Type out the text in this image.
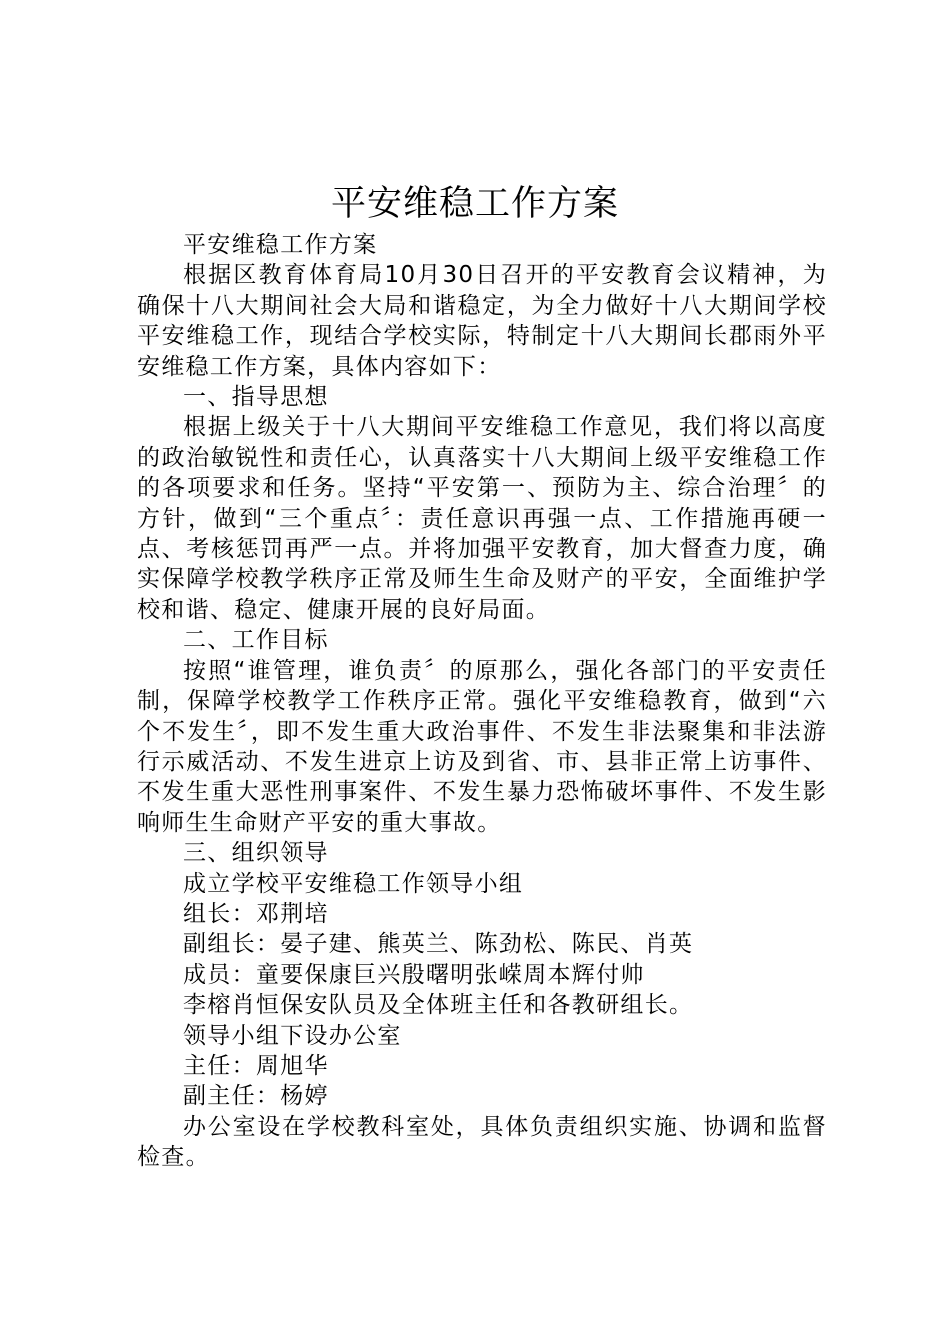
平安维稳工作方案

平安维稳工作方案

根据区教育体育局10月30日召开的平安教育会议精神，为确保十八大期间社会大局和谐稳定，为全力做好十八大期间学校平安维稳工作，现结合学校实际，特制定十八大期间长郡雨外平安维稳工作方案，具体内容如下：

一、指导思想

根据上级关于十八大期间平安维稳工作意见，我们将以高度的政治敏锐性和责任心，认真落实十八大期间上级平安维稳工作的各项要求和任务。坚持“平安第一、预防为主、综合治理〞的方针，做到“三个重点〞：责任意识再强一点、工作措施再硬一点、考核惩罚再严一点。并将加强平安教育，加大督查力度，确实保障学校教学秩序正常及师生生命及财产的平安，全面维护学校和谐、稳定、健康开展的良好局面。

二、工作目标

按照“谁管理，谁负责〞的原那么，强化各部门的平安责任制，保障学校教学工作秩序正常。强化平安维稳教育，做到“六个不发生〞，即不发生重大政治事件、不发生非法聚集和非法游行示威活动、不发生进京上访及到省、市、县非正常上访事件、不发生重大恶性刑事案件、不发生暴力恐怖破坏事件、不发生影响师生生命财产平安的重大事故。

三、组织领导

成立学校平安维稳工作领导小组

组长：邓荆培

副组长：晏子建、熊英兰、陈劲松、陈民、肖英

成员：童要保康巨兴殷曙明张嵘周本辉付帅

李榕肖恒保安队员及全体班主任和各教研组长。

领导小组下设办公室

主任：周旭华

副主任：杨婷

办公室设在学校教科室处，具体负责组织实施、协调和监督检查。
